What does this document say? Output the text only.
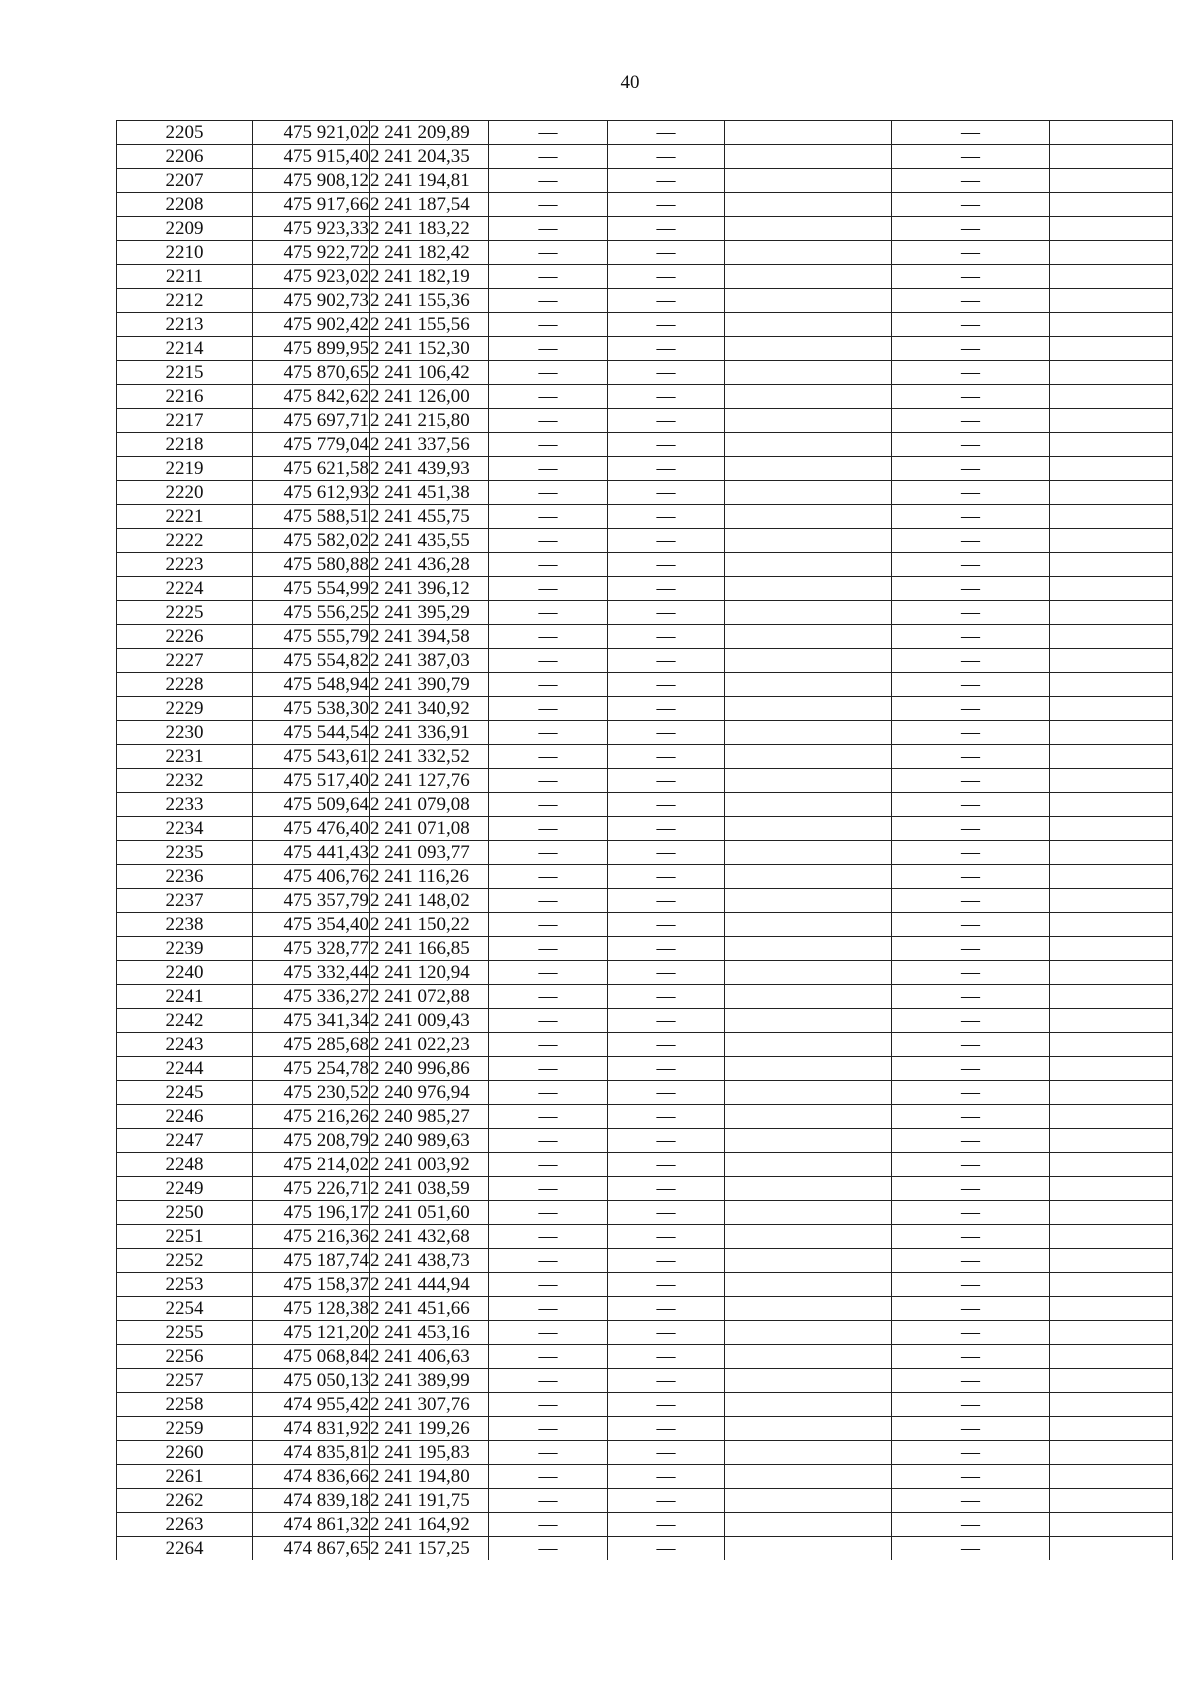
40
2205	475 921,02	2 241 209,89	—	—		—	
2206	475 915,40	2 241 204,35	—	—		—	
2207	475 908,12	2 241 194,81	—	—		—	
2208	475 917,66	2 241 187,54	—	—		—	
2209	475 923,33	2 241 183,22	—	—		—	
2210	475 922,72	2 241 182,42	—	—		—	
2211	475 923,02	2 241 182,19	—	—		—	
2212	475 902,73	2 241 155,36	—	—		—	
2213	475 902,42	2 241 155,56	—	—		—	
2214	475 899,95	2 241 152,30	—	—		—	
2215	475 870,65	2 241 106,42	—	—		—	
2216	475 842,62	2 241 126,00	—	—		—	
2217	475 697,71	2 241 215,80	—	—		—	
2218	475 779,04	2 241 337,56	—	—		—	
2219	475 621,58	2 241 439,93	—	—		—	
2220	475 612,93	2 241 451,38	—	—		—	
2221	475 588,51	2 241 455,75	—	—		—	
2222	475 582,02	2 241 435,55	—	—		—	
2223	475 580,88	2 241 436,28	—	—		—	
2224	475 554,99	2 241 396,12	—	—		—	
2225	475 556,25	2 241 395,29	—	—		—	
2226	475 555,79	2 241 394,58	—	—		—	
2227	475 554,82	2 241 387,03	—	—		—	
2228	475 548,94	2 241 390,79	—	—		—	
2229	475 538,30	2 241 340,92	—	—		—	
2230	475 544,54	2 241 336,91	—	—		—	
2231	475 543,61	2 241 332,52	—	—		—	
2232	475 517,40	2 241 127,76	—	—		—	
2233	475 509,64	2 241 079,08	—	—		—	
2234	475 476,40	2 241 071,08	—	—		—	
2235	475 441,43	2 241 093,77	—	—		—	
2236	475 406,76	2 241 116,26	—	—		—	
2237	475 357,79	2 241 148,02	—	—		—	
2238	475 354,40	2 241 150,22	—	—		—	
2239	475 328,77	2 241 166,85	—	—		—	
2240	475 332,44	2 241 120,94	—	—		—	
2241	475 336,27	2 241 072,88	—	—		—	
2242	475 341,34	2 241 009,43	—	—		—	
2243	475 285,68	2 241 022,23	—	—		—	
2244	475 254,78	2 240 996,86	—	—		—	
2245	475 230,52	2 240 976,94	—	—		—	
2246	475 216,26	2 240 985,27	—	—		—	
2247	475 208,79	2 240 989,63	—	—		—	
2248	475 214,02	2 241 003,92	—	—		—	
2249	475 226,71	2 241 038,59	—	—		—	
2250	475 196,17	2 241 051,60	—	—		—	
2251	475 216,36	2 241 432,68	—	—		—	
2252	475 187,74	2 241 438,73	—	—		—	
2253	475 158,37	2 241 444,94	—	—		—	
2254	475 128,38	2 241 451,66	—	—		—	
2255	475 121,20	2 241 453,16	—	—		—	
2256	475 068,84	2 241 406,63	—	—		—	
2257	475 050,13	2 241 389,99	—	—		—	
2258	474 955,42	2 241 307,76	—	—		—	
2259	474 831,92	2 241 199,26	—	—		—	
2260	474 835,81	2 241 195,83	—	—		—	
2261	474 836,66	2 241 194,80	—	—		—	
2262	474 839,18	2 241 191,75	—	—		—	
2263	474 861,32	2 241 164,92	—	—		—	
2264	474 867,65	2 241 157,25	—	—		—	
